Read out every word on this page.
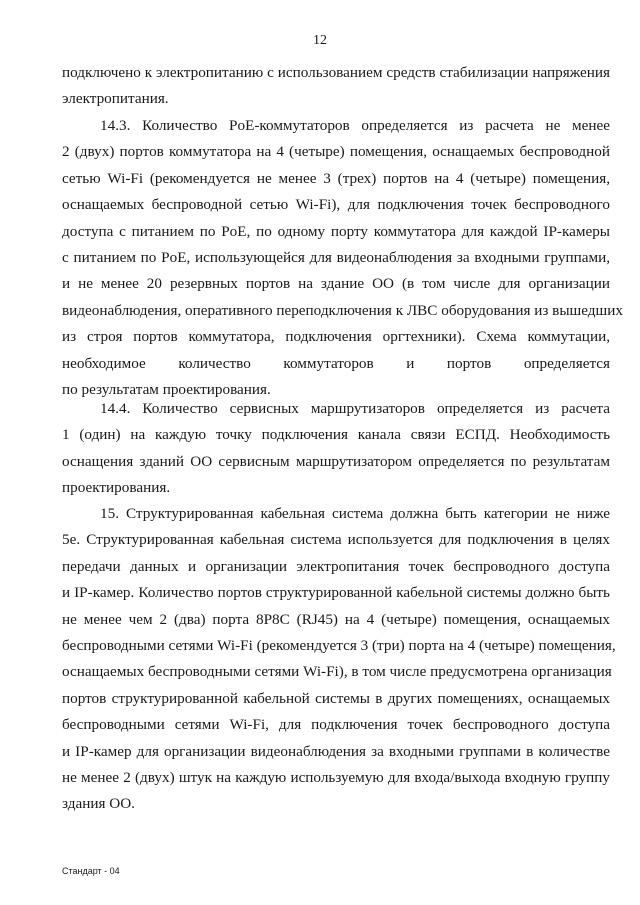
12
подключено к электропитанию с использованием средств стабилизации напряжения
электропитания.
14.3. Количество PoE-коммутаторов определяется из расчета не менее
2 (двух) портов коммутатора на 4 (четыре) помещения, оснащаемых беспроводной
сетью Wi-Fi (рекомендуется не менее 3 (трех) портов на 4 (четыре) помещения,
оснащаемых беспроводной сетью Wi-Fi), для подключения точек беспроводного
доступа с питанием по PoE, по одному порту коммутатора для каждой IP-камеры
с питанием по PoE, использующейся для видеонаблюдения за входными группами,
и не менее 20 резервных портов на здание ОО (в том числе для организации
видеонаблюдения, оперативного переподключения к ЛВС оборудования из вышедших
из строя портов коммутатора, подключения оргтехники). Схема коммутации,
необходимое количество коммутаторов и портов определяется
по результатам проектирования.
14.4. Количество сервисных маршрутизаторов определяется из расчета
1 (один) на каждую точку подключения канала связи ЕСПД. Необходимость
оснащения зданий ОО сервисным маршрутизатором определяется по результатам
проектирования.
15. Структурированная кабельная система должна быть категории не ниже
5е. Структурированная кабельная система используется для подключения в целях
передачи данных и организации электропитания точек беспроводного доступа
и IP-камер. Количество портов структурированной кабельной системы должно быть
не менее чем 2 (два) порта 8P8C (RJ45) на 4 (четыре) помещения, оснащаемых
беспроводными сетями Wi-Fi (рекомендуется 3 (три) порта на 4 (четыре) помещения,
оснащаемых беспроводными сетями Wi-Fi), в том числе предусмотрена организация
портов структурированной кабельной системы в других помещениях, оснащаемых
беспроводными сетями Wi-Fi, для подключения точек беспроводного доступа
и IP-камер для организации видеонаблюдения за входными группами в количестве
не менее 2 (двух) штук на каждую используемую для входа/выхода входную группу
здания ОО.
Стандарт - 04
